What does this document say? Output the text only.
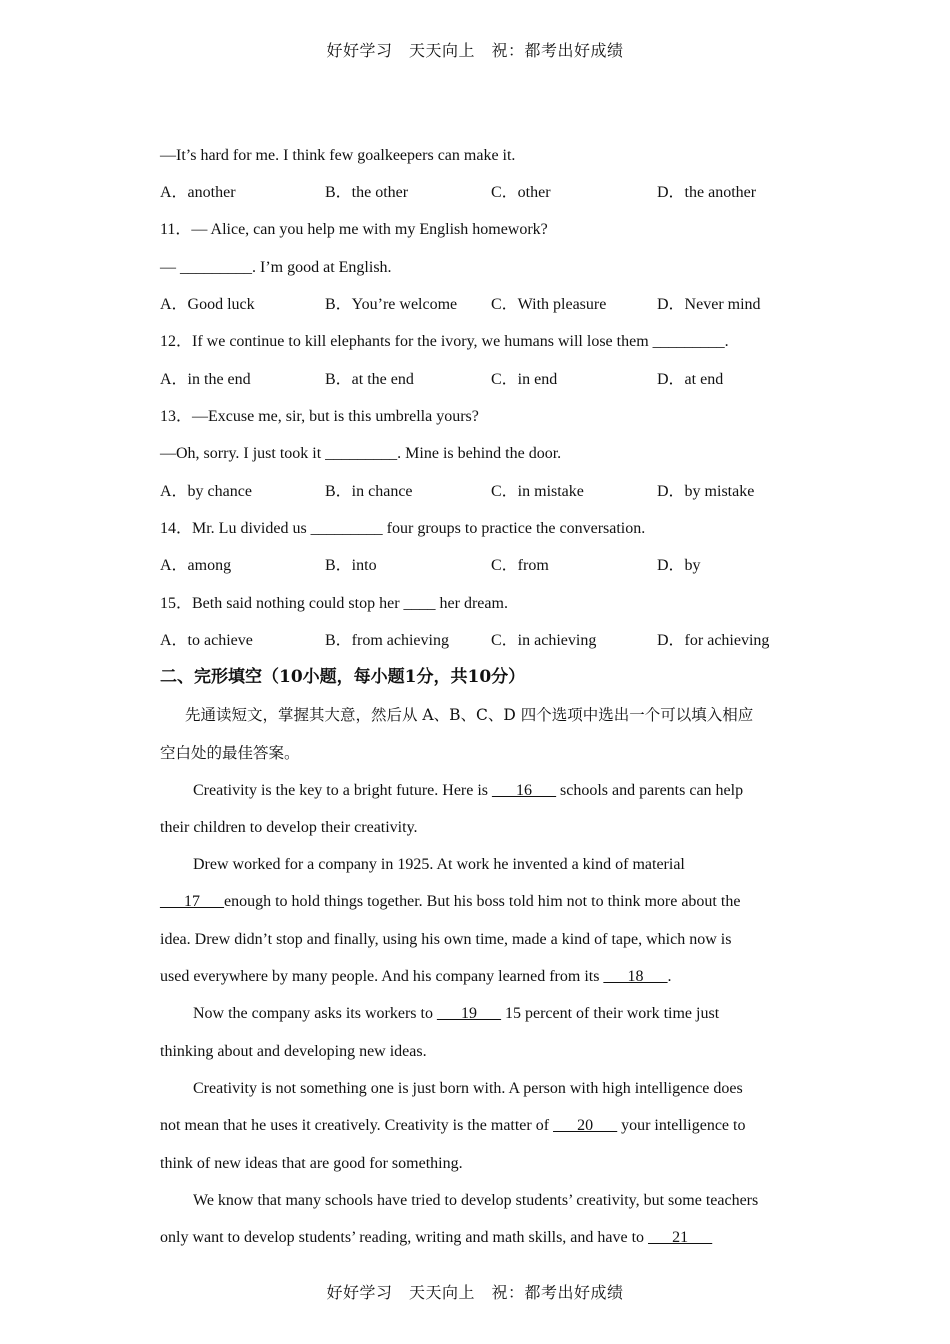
好好学习　天天向上　祝：都考出好成绩
—It’s hard for me. I think few goalkeepers can make it.
A．another	B．the other	C．other	D．the another
11．— Alice, can you help me with my English homework?
— _________. I’m good at English.
A．Good luck	B．You’re welcome C．With pleasure	D．Never mind
12．If we continue to kill elephants for the ivory, we humans will lose them _________.
A．in the end	B．at the end	C．in end	D．at end
13．—Excuse me, sir, but is this umbrella yours?
—Oh, sorry. I just took it _________. Mine is behind the door.
A．by chance	B．in chance	C．in mistake	D．by mistake
14．Mr. Lu divided us _________ four groups to practice the conversation.
A．among	B．into	C．from	D．by
15．Beth said nothing could stop her ____ her dream.
A．to achieve	B．from achieving	C．in achieving	D．for achieving
二、完形填空（10小题，每小题1分，共10分）
先通读短文，掌握其大意，然后从 A、B、C、D 四个选项中选出一个可以填入相应
空白处的最佳答案。
Creativity is the key to a bright future. Here is ___16___ schools and parents can help
their children to develop their creativity.
Drew worked for a company in 1925. At work he invented a kind of material
___17___enough to hold things together. But his boss told him not to think more about the
idea. Drew didn’t stop and finally, using his own time, made a kind of tape, which now is
used everywhere by many people. And his company learned from its ___18___.
Now the company asks its workers to ___19___ 15 percent of their work time just
thinking about and developing new ideas.
Creativity is not something one is just born with. A person with high intelligence does
not mean that he uses it creatively. Creativity is the matter of ___20___ your intelligence to
think of new ideas that are good for something.
We know that many schools have tried to develop students’ creativity, but some teachers
only want to develop students’ reading, writing and math skills, and have to ___21___
好好学习　天天向上　祝：都考出好成绩
